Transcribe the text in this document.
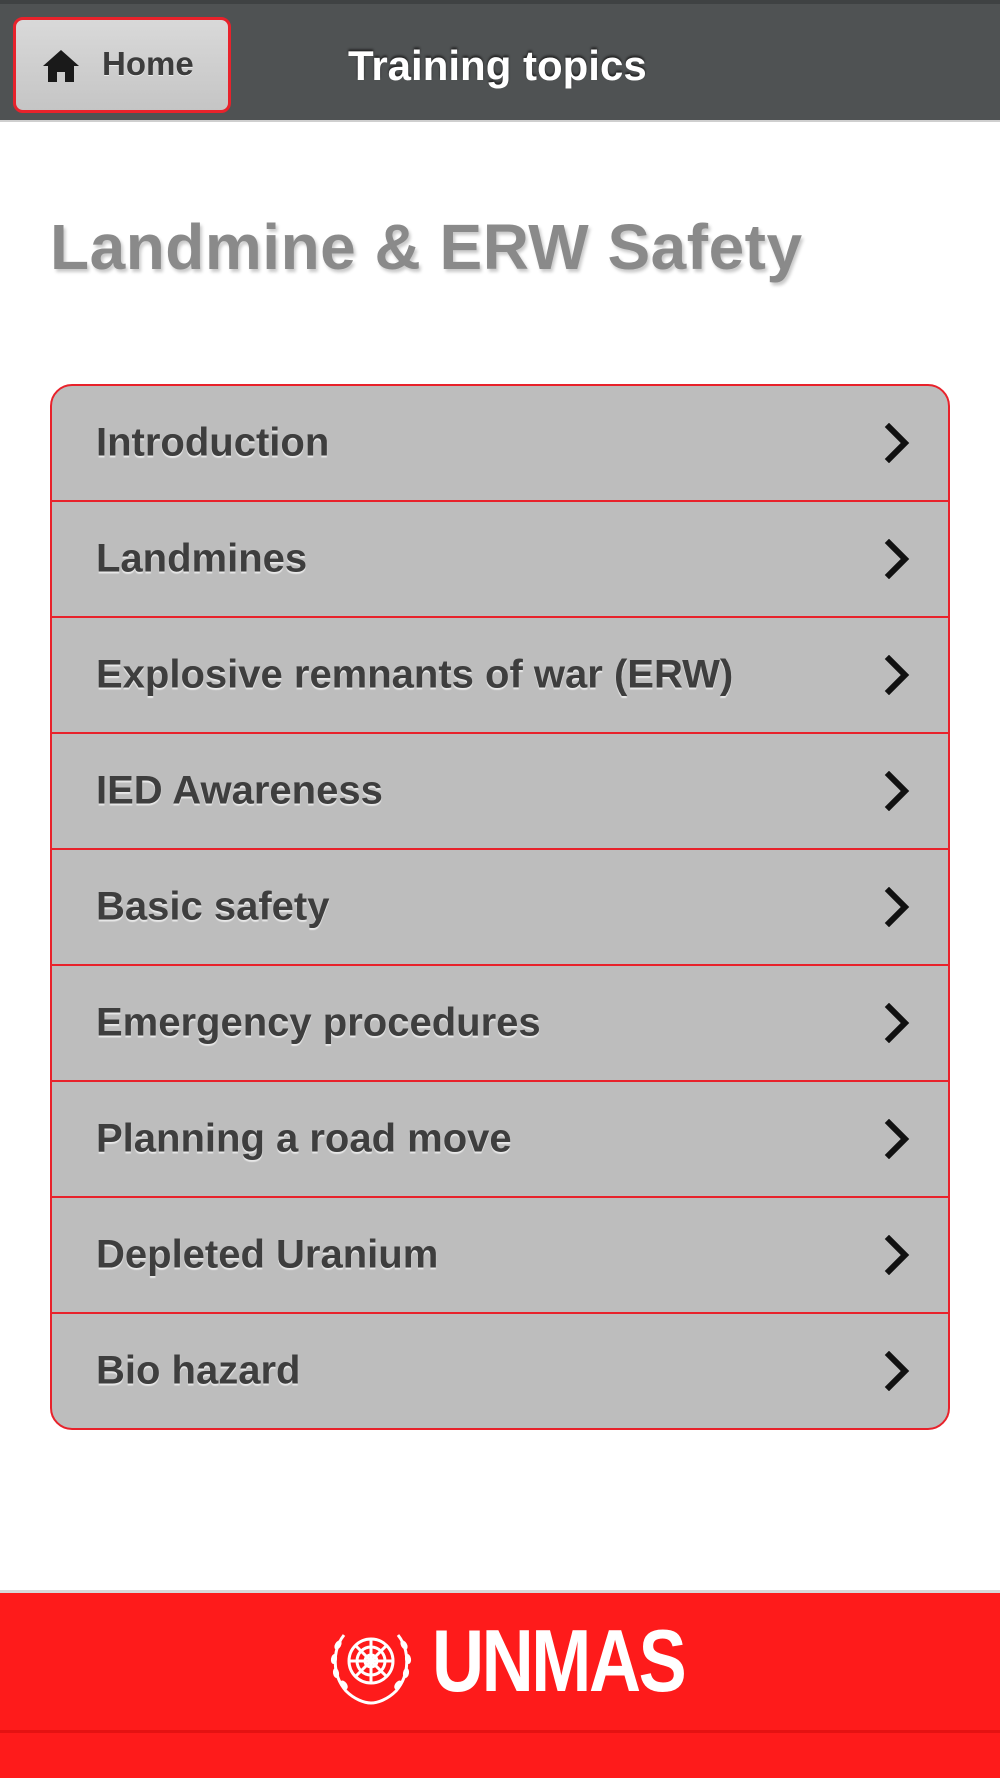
Home	Training topics
Landmine & ERW Safety
Introduction
Landmines
Explosive remnants of war (ERW)
IED Awareness
Basic safety
Emergency procedures
Planning a road move
Depleted Uranium
Bio hazard
UNMAS
